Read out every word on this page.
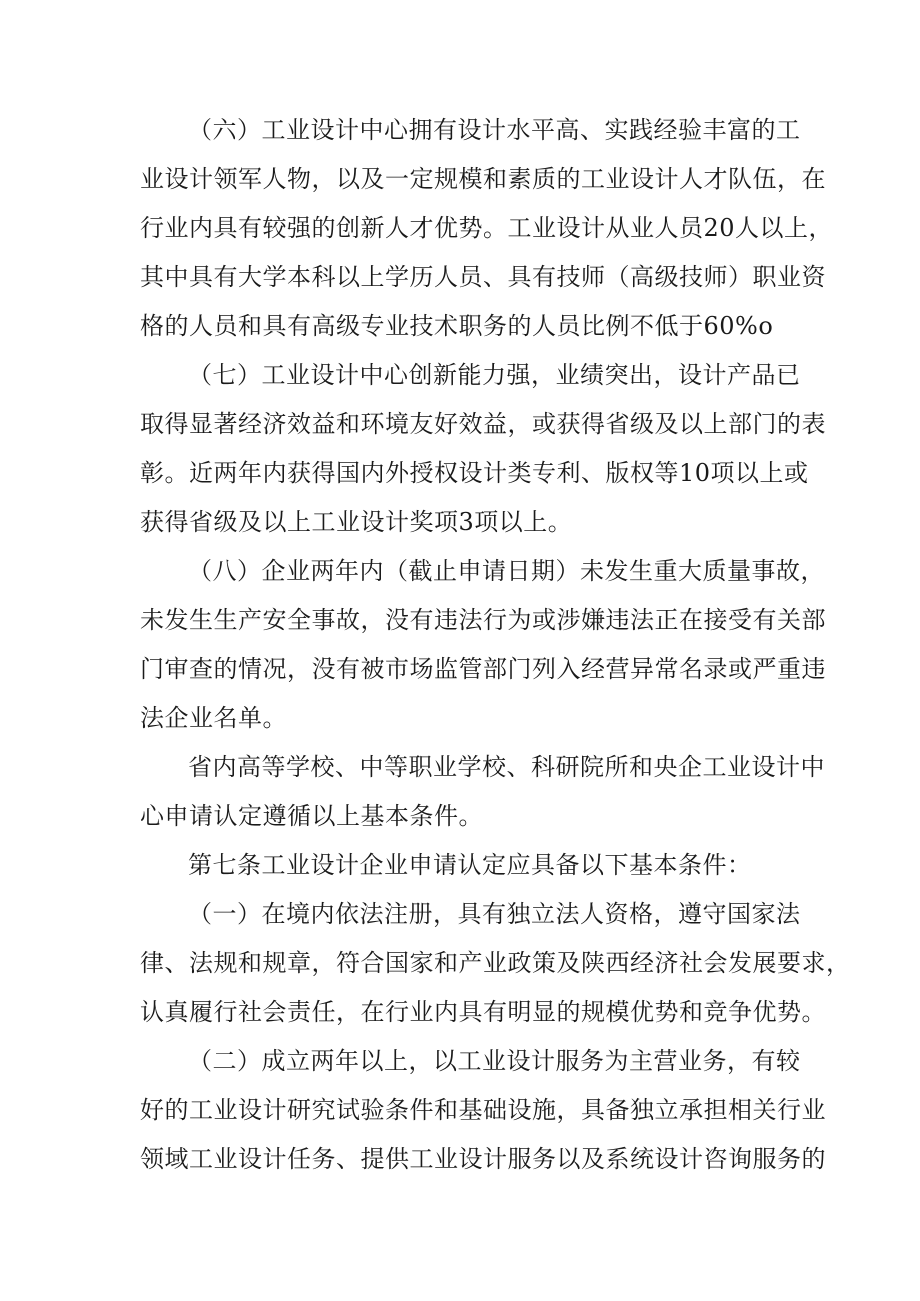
（六）工业设计中心拥有设计水平高、实践经验丰富的工
业设计领军人物，以及一定规模和素质的工业设计人才队伍，在
行业内具有较强的创新人才优势。工业设计从业人员20人以上，
其中具有大学本科以上学历人员、具有技师（高级技师）职业资
格的人员和具有高级专业技术职务的人员比例不低于60%o
（七）工业设计中心创新能力强，业绩突出，设计产品已
取得显著经济效益和环境友好效益，或获得省级及以上部门的表
彰。近两年内获得国内外授权设计类专利、版权等10项以上或
获得省级及以上工业设计奖项3项以上。
（八）企业两年内（截止申请日期）未发生重大质量事故，
未发生生产安全事故，没有违法行为或涉嫌违法正在接受有关部
门审查的情况，没有被市场监管部门列入经营异常名录或严重违
法企业名单。
省内高等学校、中等职业学校、科研院所和央企工业设计中
心申请认定遵循以上基本条件。
第七条工业设计企业申请认定应具备以下基本条件：
（一）在境内依法注册，具有独立法人资格，遵守国家法
律、法规和规章，符合国家和产业政策及陕西经济社会发展要求，
认真履行社会责任，在行业内具有明显的规模优势和竞争优势。
（二）成立两年以上，以工业设计服务为主营业务，有较
好的工业设计研究试验条件和基础设施，具备独立承担相关行业
领域工业设计任务、提供工业设计服务以及系统设计咨询服务的
